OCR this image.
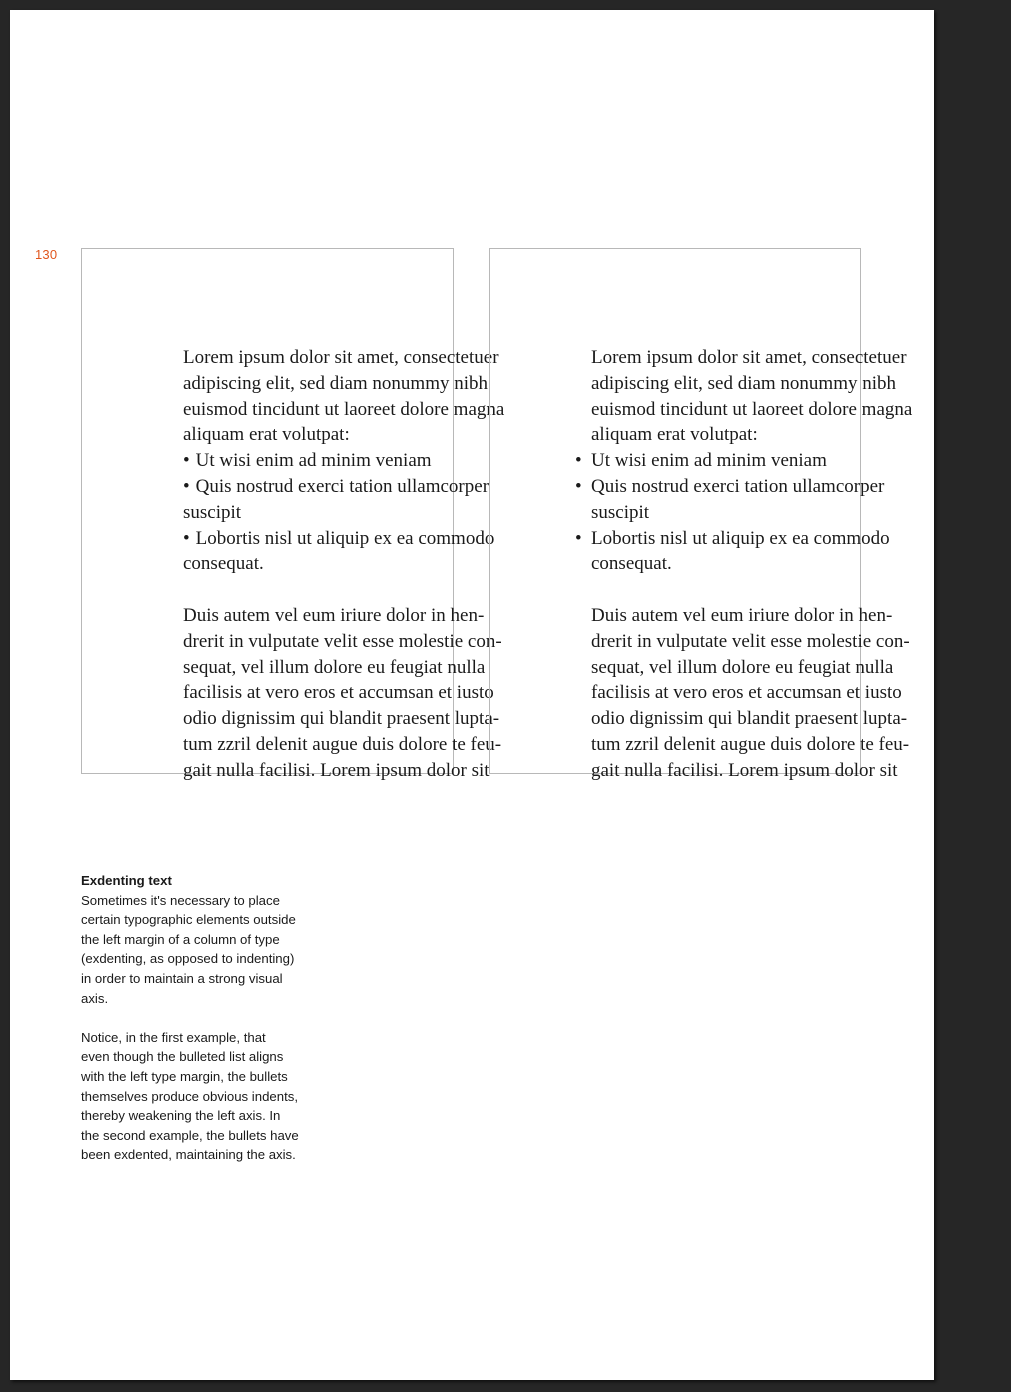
130

Lorem ipsum dolor sit amet, consectetuer

adipiscing elit, sed diam nonummy nibh

euismod tincidunt ut laoreet dolore magna

aliquam erat volutpat:

• Ut wisi enim ad minim veniam

• Quis nostrud exerci tation ullamcorper

suscipit

• Lobortis nisl ut aliquip ex ea commodo

consequat.

Duis autem vel eum iriure dolor in hen-

drerit in vulputate velit esse molestie con-

sequat, vel illum dolore eu feugiat nulla

facilisis at vero eros et accumsan et iusto

odio dignissim qui blandit praesent lupta-

tum zzril delenit augue duis dolore te feu-

gait nulla facilisi. Lorem ipsum dolor sit

Lorem ipsum dolor sit amet, consectetuer

adipiscing elit, sed diam nonummy nibh

euismod tincidunt ut laoreet dolore magna

aliquam erat volutpat:

• Ut wisi enim ad minim veniam

• Quis nostrud exerci tation ullamcorper

suscipit

• Lobortis nisl ut aliquip ex ea commodo

consequat.

Duis autem vel eum iriure dolor in hen-

drerit in vulputate velit esse molestie con-

sequat, vel illum dolore eu feugiat nulla

facilisis at vero eros et accumsan et iusto

odio dignissim qui blandit praesent lupta-

tum zzril delenit augue duis dolore te feu-

gait nulla facilisi. Lorem ipsum dolor sit

Exdenting text

Sometimes it's necessary to place

certain typographic elements outside

the left margin of a column of type

(exdenting, as opposed to indenting)

in order to maintain a strong visual

axis.

Notice, in the first example, that

even though the bulleted list aligns

with the left type margin, the bullets

themselves produce obvious indents,

thereby weakening the left axis. In

the second example, the bullets have

been exdented, maintaining the axis.
